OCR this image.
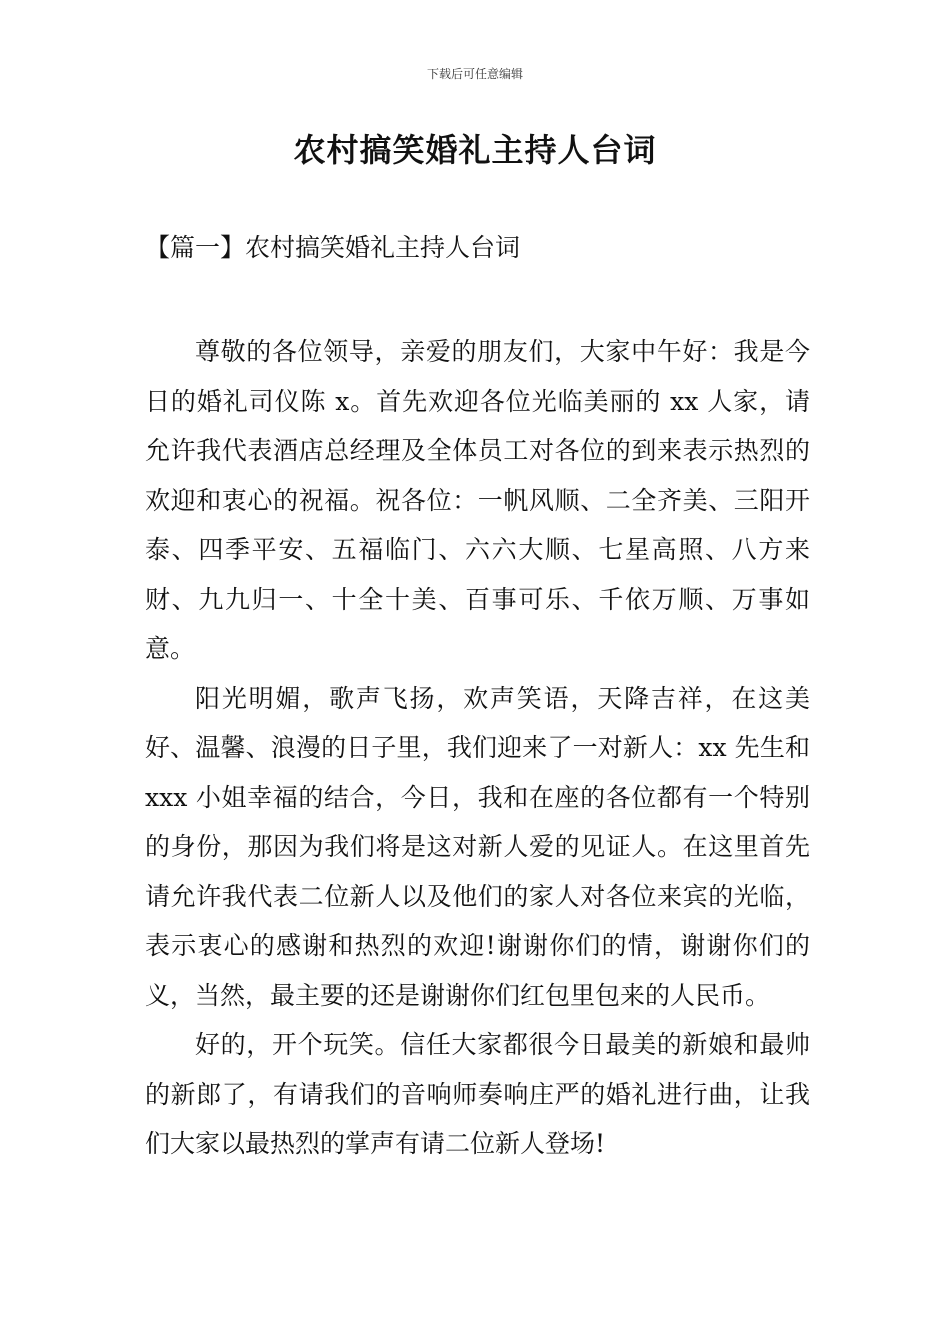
下载后可任意编辑
农村搞笑婚礼主持人台词
【篇一】农村搞笑婚礼主持人台词

尊敬的各位领导，亲爱的朋友们，大家中午好：我是今日的婚礼司仪陈 x。首先欢迎各位光临美丽的 xx 人家，请允许我代表酒店总经理及全体员工对各位的到来表示热烈的欢迎和衷心的祝福。祝各位：一帆风顺、二全齐美、三阳开泰、四季平安、五福临门、六六大顺、七星高照、八方来财、九九归一、十全十美、百事可乐、千依万顺、万事如意。

阳光明媚，歌声飞扬，欢声笑语，天降吉祥，在这美好、温馨、浪漫的日子里，我们迎来了一对新人：xx 先生和 xxx 小姐幸福的结合，今日，我和在座的各位都有一个特别的身份，那因为我们将是这对新人爱的见证人。在这里首先请允许我代表二位新人以及他们的家人对各位来宾的光临，表示衷心的感谢和热烈的欢迎!谢谢你们的情，谢谢你们的义，当然，最主要的还是谢谢你们红包里包来的人民币。

好的，开个玩笑。信任大家都很今日最美的新娘和最帅的新郎了，有请我们的音响师奏响庄严的婚礼进行曲，让我们大家以最热烈的掌声有请二位新人登场!
